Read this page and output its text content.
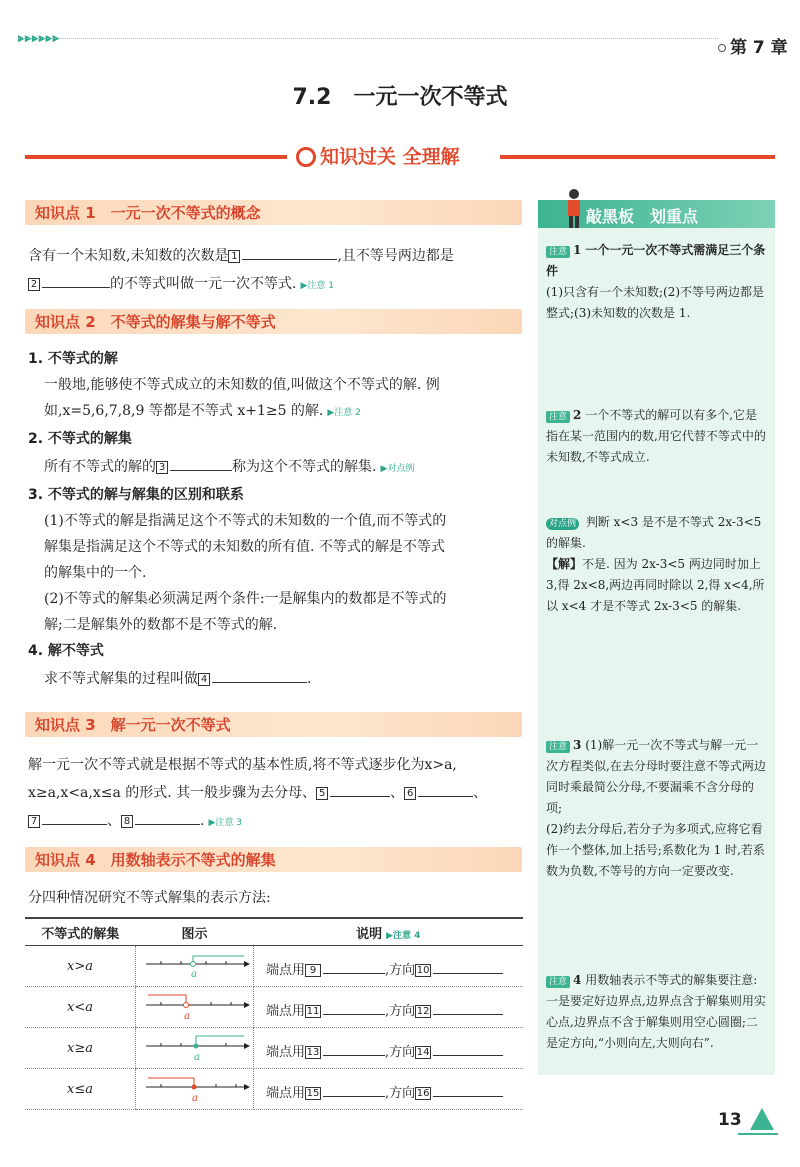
▶▶▶▶▶▶	第 7 章
7.2　一元一次不等式
知识过关 全理解
知识点 1　一元一次不等式的概念
含有一个未知数,未知数的次数是 1	,且不等号两边都是
2	的不等式叫做一元一次不等式. ▶注意 1
知识点 2　不等式的解集与解不等式
1. 不等式的解
一般地,能够使不等式成立的未知数的值,叫做这个不等式的解. 例
如,x=5,6,7,8,9 等都是不等式 x+1≥5 的解. ▶注意 2
2. 不等式的解集
所有不等式的解的 3	称为这个不等式的解集. ▶对点例
3. 不等式的解与解集的区别和联系
(1)不等式的解是指满足这个不等式的未知数的一个值,而不等式的
解集是指满足这个不等式的未知数的所有值. 不等式的解是不等式
的解集中的一个.
(2)不等式的解集必须满足两个条件:一是解集内的数都是不等式的
解;二是解集外的数都不是不等式的解.
4. 解不等式
求不等式解集的过程叫做 4	.
知识点 3　解一元一次不等式
解一元一次不等式就是根据不等式的基本性质,将不等式逐步化为x>a,
x≥a,x<a,x≤a 的形式. 其一般步骤为去分母、 5	、 6	、
7	、 8	. ▶注意 3
知识点 4　用数轴表示不等式的解集
分四种情况研究不等式解集的表示方法:
不等式的解集	图示	说明 ▶注意 4
x>a	a	端点用 9 ,方向 10
x<a	a	端点用 11 ,方向 12
x≥a	a	端点用 13 ,方向 14
x≤a	a	端点用 15 ,方向 16
敲黑板　划重点
注意 1 一个一元一次不等式需满足三个条件
(1)只含有一个未知数;(2)不等号两边都是整式;(3)未知数的次数是 1.
注意 2 一个不等式的解可以有多个,它是指在某一范围内的数,用它代替不等式中的未知数,不等式成立.
对点例 判断 x<3 是不是不等式 2x-3<5 的解集.
【解】不是. 因为 2x-3<5 两边同时加上 3,得 2x<8,两边再同时除以 2,得 x<4,所以 x<4 才是不等式 2x-3<5 的解集.
注意 3 (1)解一元一次不等式与解一元一次方程类似,在去分母时要注意不等式两边同时乘最简公分母,不要漏乘不含分母的项;
(2)约去分母后,若分子为多项式,应将它看作一个整体,加上括号;系数化为 1 时,若系数为负数,不等号的方向一定要改变.
注意 4 用数轴表示不等式的解集要注意:一是要定好边界点,边界点含于解集则用实心点,边界点不含于解集则用空心圆圈;二是定方向,“小则向左,大则向右”.
13
